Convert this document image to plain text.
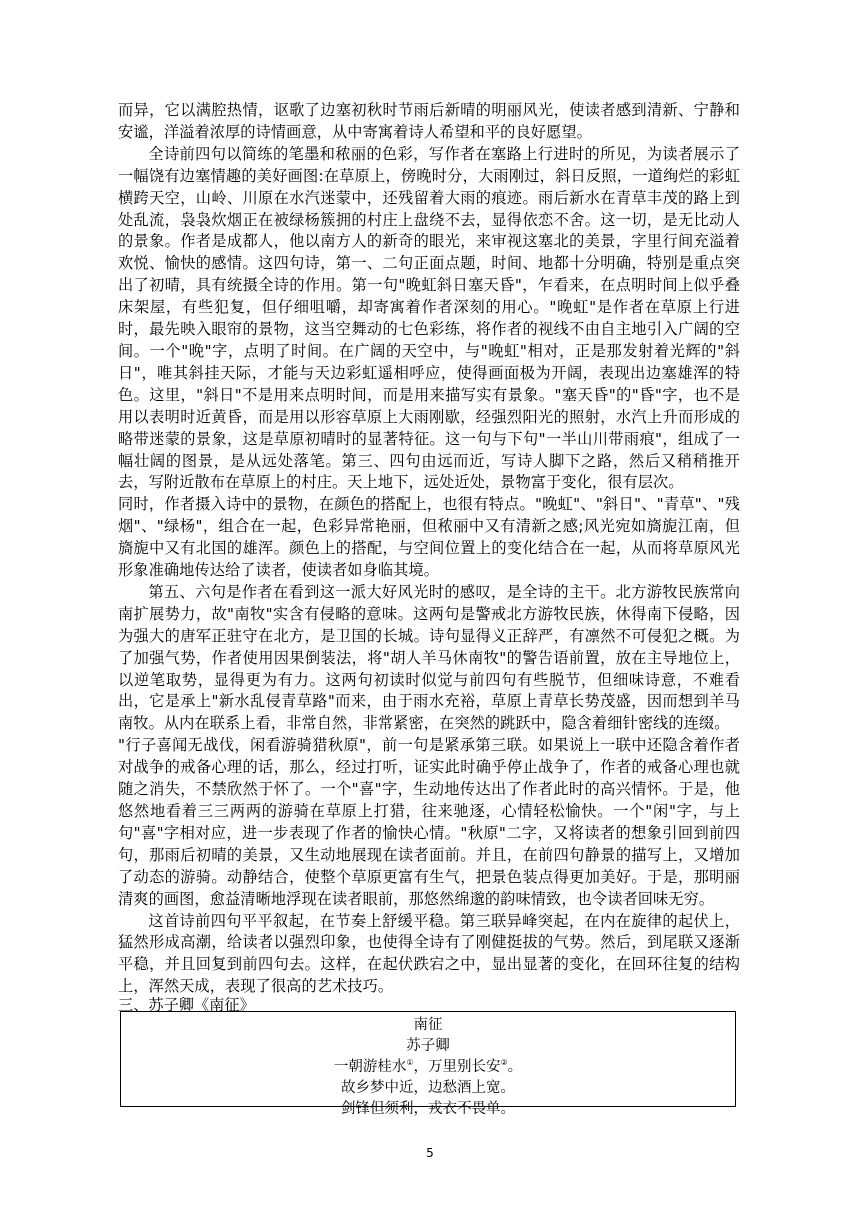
而异，它以满腔热情，讴歌了边塞初秋时节雨后新晴的明丽风光，使读者感到清新、宁静和安谧，洋溢着浓厚的诗情画意，从中寄寓着诗人希望和平的良好愿望。

全诗前四句以简练的笔墨和秾丽的色彩，写作者在塞路上行进时的所见，为读者展示了一幅饶有边塞情趣的美好画图:在草原上，傍晚时分，大雨刚过，斜日反照，一道绚烂的彩虹横跨天空，山岭、川原在水汽迷蒙中，还残留着大雨的痕迹。雨后新水在青草丰茂的路上到处乱流，袅袅炊烟正在被绿杨簇拥的村庄上盘绕不去，显得依恋不舍。这一切，是无比动人的景象。作者是成都人，他以南方人的新奇的眼光，来审视这塞北的美景，字里行间充溢着欢悦、愉快的感情。这四句诗，第一、二句正面点题，时间、地都十分明确，特别是重点突出了初晴，具有统摄全诗的作用。第一句"晚虹斜日塞天昏"，乍看来，在点明时间上似乎叠床架屋，有些犯复，但仔细咀嚼，却寄寓着作者深刻的用心。"晚虹"是作者在草原上行进时，最先映入眼帘的景物，这当空舞动的七色彩练，将作者的视线不由自主地引入广阔的空间。一个"晚"字，点明了时间。在广阔的天空中，与"晚虹"相对，正是那发射着光辉的"斜日"，唯其斜挂天际，才能与天边彩虹遥相呼应，使得画面极为开阔，表现出边塞雄浑的特色。这里，"斜日"不是用来点明时间，而是用来描写实有景象。"塞天昏"的"昏"字，也不是用以表明时近黄昏，而是用以形容草原上大雨刚歇，经强烈阳光的照射，水汽上升而形成的略带迷蒙的景象，这是草原初晴时的显著特征。这一句与下句"一半山川带雨痕"，组成了一幅壮阔的图景，是从远处落笔。第三、四句由远而近，写诗人脚下之路，然后又稍稍推开去，写附近散布在草原上的村庄。天上地下，远处近处，景物富于变化，很有层次。

同时，作者摄入诗中的景物，在颜色的搭配上，也很有特点。"晚虹"、"斜日"、"青草"、"残烟"、"绿杨"，组合在一起，色彩异常艳丽，但秾丽中又有清新之感;风光宛如旖旎江南，但旖旎中又有北国的雄浑。颜色上的搭配，与空间位置上的变化结合在一起，从而将草原风光形象准确地传达给了读者，使读者如身临其境。

第五、六句是作者在看到这一派大好风光时的感叹，是全诗的主干。北方游牧民族常向南扩展势力，故"南牧"实含有侵略的意味。这两句是警戒北方游牧民族，休得南下侵略，因为强大的唐军正驻守在北方，是卫国的长城。诗句显得义正辞严，有凛然不可侵犯之概。为了加强气势，作者使用因果倒装法，将"胡人羊马休南牧"的警告语前置，放在主导地位上，以逆笔取势，显得更为有力。这两句初读时似觉与前四句有些脱节，但细味诗意，不难看出，它是承上"新水乱侵青草路"而来，由于雨水充裕，草原上青草长势茂盛，因而想到羊马南牧。从内在联系上看，非常自然，非常紧密，在突然的跳跃中，隐含着细针密线的连缀。

"行子喜闻无战伐，闲看游骑猎秋原"，前一句是紧承第三联。如果说上一联中还隐含着作者对战争的戒备心理的话，那么，经过打听，证实此时确乎停止战争了，作者的戒备心理也就随之消失，不禁欣然于怀了。一个"喜"字，生动地传达出了作者此时的高兴情怀。于是，他悠然地看着三三两两的游骑在草原上打猎，往来驰逐，心情轻松愉快。一个"闲"字，与上句"喜"字相对应，进一步表现了作者的愉快心情。"秋原"二字，又将读者的想象引回到前四句，那雨后初晴的美景，又生动地展现在读者面前。并且，在前四句静景的描写上，又增加了动态的游骑。动静结合，使整个草原更富有生气，把景色装点得更加美好。于是，那明丽清爽的画图，愈益清晰地浮现在读者眼前，那悠然绵邈的韵味情致，也令读者回味无穷。

这首诗前四句平平叙起，在节奏上舒缓平稳。第三联异峰突起，在内在旋律的起伏上，猛然形成高潮，给读者以强烈印象，也使得全诗有了刚健挺拔的气势。然后，到尾联又逐渐平稳，并且回复到前四句去。这样，在起伏跌宕之中，显出显著的变化，在回环往复的结构上，浑然天成，表现了很高的艺术技巧。

三、苏子卿《南征》
南征
苏子卿
一朝游桂水①，万里别长安②。
故乡梦中近，边愁酒上宽。
剑锋但须利，戎衣不畏单。
5
